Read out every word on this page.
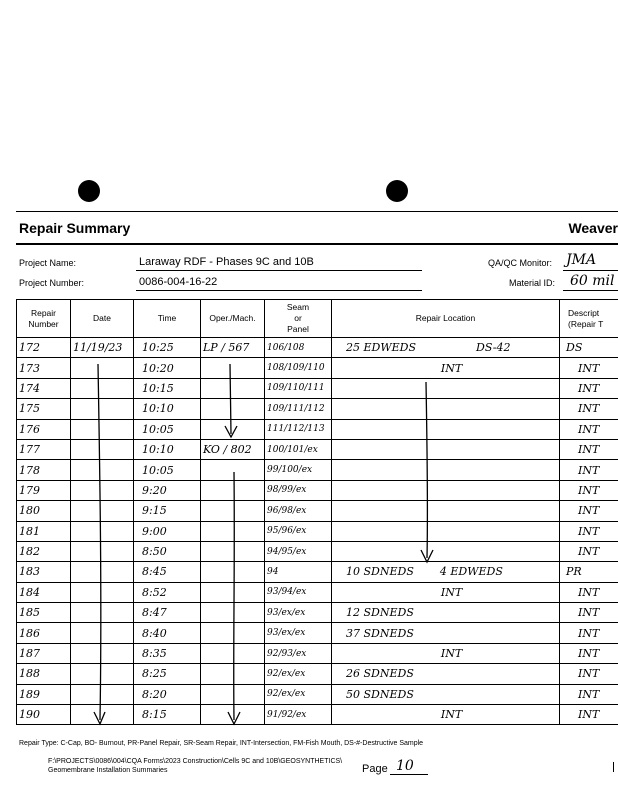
Repair Summary	Weaver
Project Name:	Laraway RDF - Phases 9C and 10B
Project Number:	0086-004-16-22
QA/QC Monitor: JMA
Material ID: 60 mil
Repair Number	Date	Time	Oper./Mach.	Seam or Panel	Repair Location	Descript (Repair T
172	11/19/23	10:25	LP / 567	106/108	25 EDWEDS DS-42	DS
173		10:20		108/109/110	INT	INT
174		10:15		109/110/111		INT
175		10:10		109/111/112		INT
176		10:05		111/112/113		INT
177		10:10	KO / 802	100/101/ex		INT
178		10:05		99/100/ex		INT
179		9:20		98/99/ex		INT
180		9:15		96/98/ex		INT
181		9:00		95/96/ex		INT
182		8:50		94/95/ex		INT
183		8:45		94	10 SDNEDS 4 EDWEDS	PR
184		8:52		93/94/ex	INT	INT
185		8:47		93/ex/ex	12 SDNEDS	INT
186		8:40		93/ex/ex	37 SDNEDS	INT
187		8:35		92/93/ex	INT	INT
188		8:25		92/ex/ex	26 SDNEDS	INT
189		8:20		92/ex/ex	50 SDNEDS	INT
190		8:15		91/92/ex	INT	INT
Repair Type: C-Cap, BO- Burnout, PR-Panel Repair, SR-Seam Repair, INT-Intersection, FM-Fish Mouth, DS-#-Destructive Sample
F:\PROJECTS\0086\004\CQA Forms\2023 Construction\Cells 9C and 10B\GEOSYNTHETICS\
Geomembrane Installation Summaries	Page 10
